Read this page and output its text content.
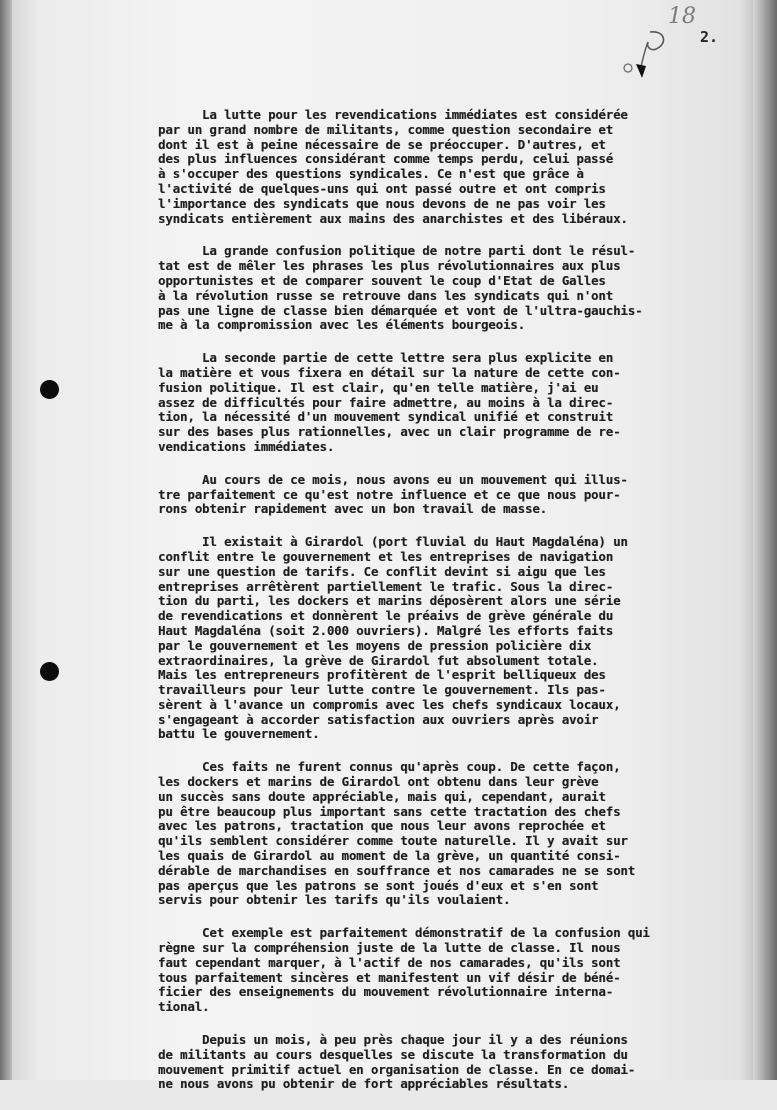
18
2.

La lutte pour les revendications immédiates est considérée
par un grand nombre de militants, comme question secondaire et
dont il est à peine nécessaire de se préoccuper. D'autres, et
des plus influences considérant comme temps perdu, celui passé
à s'occuper des questions syndicales. Ce n'est que grâce à
l'activité de quelques-uns qui ont passé outre et ont compris
l'importance des syndicats que nous devons de ne pas voir les
syndicats entièrement aux mains des anarchistes et des libéraux.

La grande confusion politique de notre parti dont le résul-
tat est de mêler les phrases les plus révolutionnaires aux plus
opportunistes et de comparer souvent le coup d'Etat de Galles
à la révolution russe se retrouve dans les syndicats qui n'ont
pas une ligne de classe bien démarquée et vont de l'ultra-gauchis-
me à la compromission avec les éléments bourgeois.

La seconde partie de cette lettre sera plus explicite en
la matière et vous fixera en détail sur la nature de cette con-
fusion politique. Il est clair, qu'en telle matière, j'ai eu
assez de difficultés pour faire admettre, au moins à la direc-
tion, la nécessité d'un mouvement syndical unifié et construit
sur des bases plus rationnelles, avec un clair programme de re-
vendications immédiates.

Au cours de ce mois, nous avons eu un mouvement qui illus-
tre parfaitement ce qu'est notre influence et ce que nous pour-
rons obtenir rapidement avec un bon travail de masse.

Il existait à Girardol (port fluvial du Haut Magdaléna) un
conflit entre le gouvernement et les entreprises de navigation
sur une question de tarifs. Ce conflit devint si aigu que les
entreprises arrêtèrent partiellement le trafic. Sous la direc-
tion du parti, les dockers et marins déposèrent alors une série
de revendications et donnèrent le préaivs de grève générale du
Haut Magdaléna (soit 2.000 ouvriers). Malgré les efforts faits
par le gouvernement et les moyens de pression policière dix
extraordinaires, la grève de Girardol fut absolument totale.
Mais les entrepreneurs profitèrent de l'esprit belliqueux des
travailleurs pour leur lutte contre le gouvernement. Ils pas-
sèrent à l'avance un compromis avec les chefs syndicaux locaux,
s'engageant à accorder satisfaction aux ouvriers après avoir
battu le gouvernement.

Ces faits ne furent connus qu'après coup. De cette façon,
les dockers et marins de Girardol ont obtenu dans leur grève
un succès sans doute appréciable, mais qui, cependant, aurait
pu être beaucoup plus important sans cette tractation des chefs
avec les patrons, tractation que nous leur avons reprochée et
qu'ils semblent considérer comme toute naturelle. Il y avait sur
les quais de Girardol au moment de la grève, un quantité consi-
dérable de marchandises en souffrance et nos camarades ne se sont
pas aperçus que les patrons se sont joués d'eux et s'en sont
servis pour obtenir les tarifs qu'ils voulaient.

Cet exemple est parfaitement démonstratif de la confusion qui
règne sur la compréhension juste de la lutte de classe. Il nous
faut cependant marquer, à l'actif de nos camarades, qu'ils sont
tous parfaitement sincères et manifestent un vif désir de béné-
ficier des enseignements du mouvement révolutionnaire interna-
tional.

Depuis un mois, à peu près chaque jour il y a des réunions
de militants au cours desquelles se discute la transformation du
mouvement primitif actuel en organisation de classe. En ce domai-
ne nous avons pu obtenir de fort appréciables résultats.
